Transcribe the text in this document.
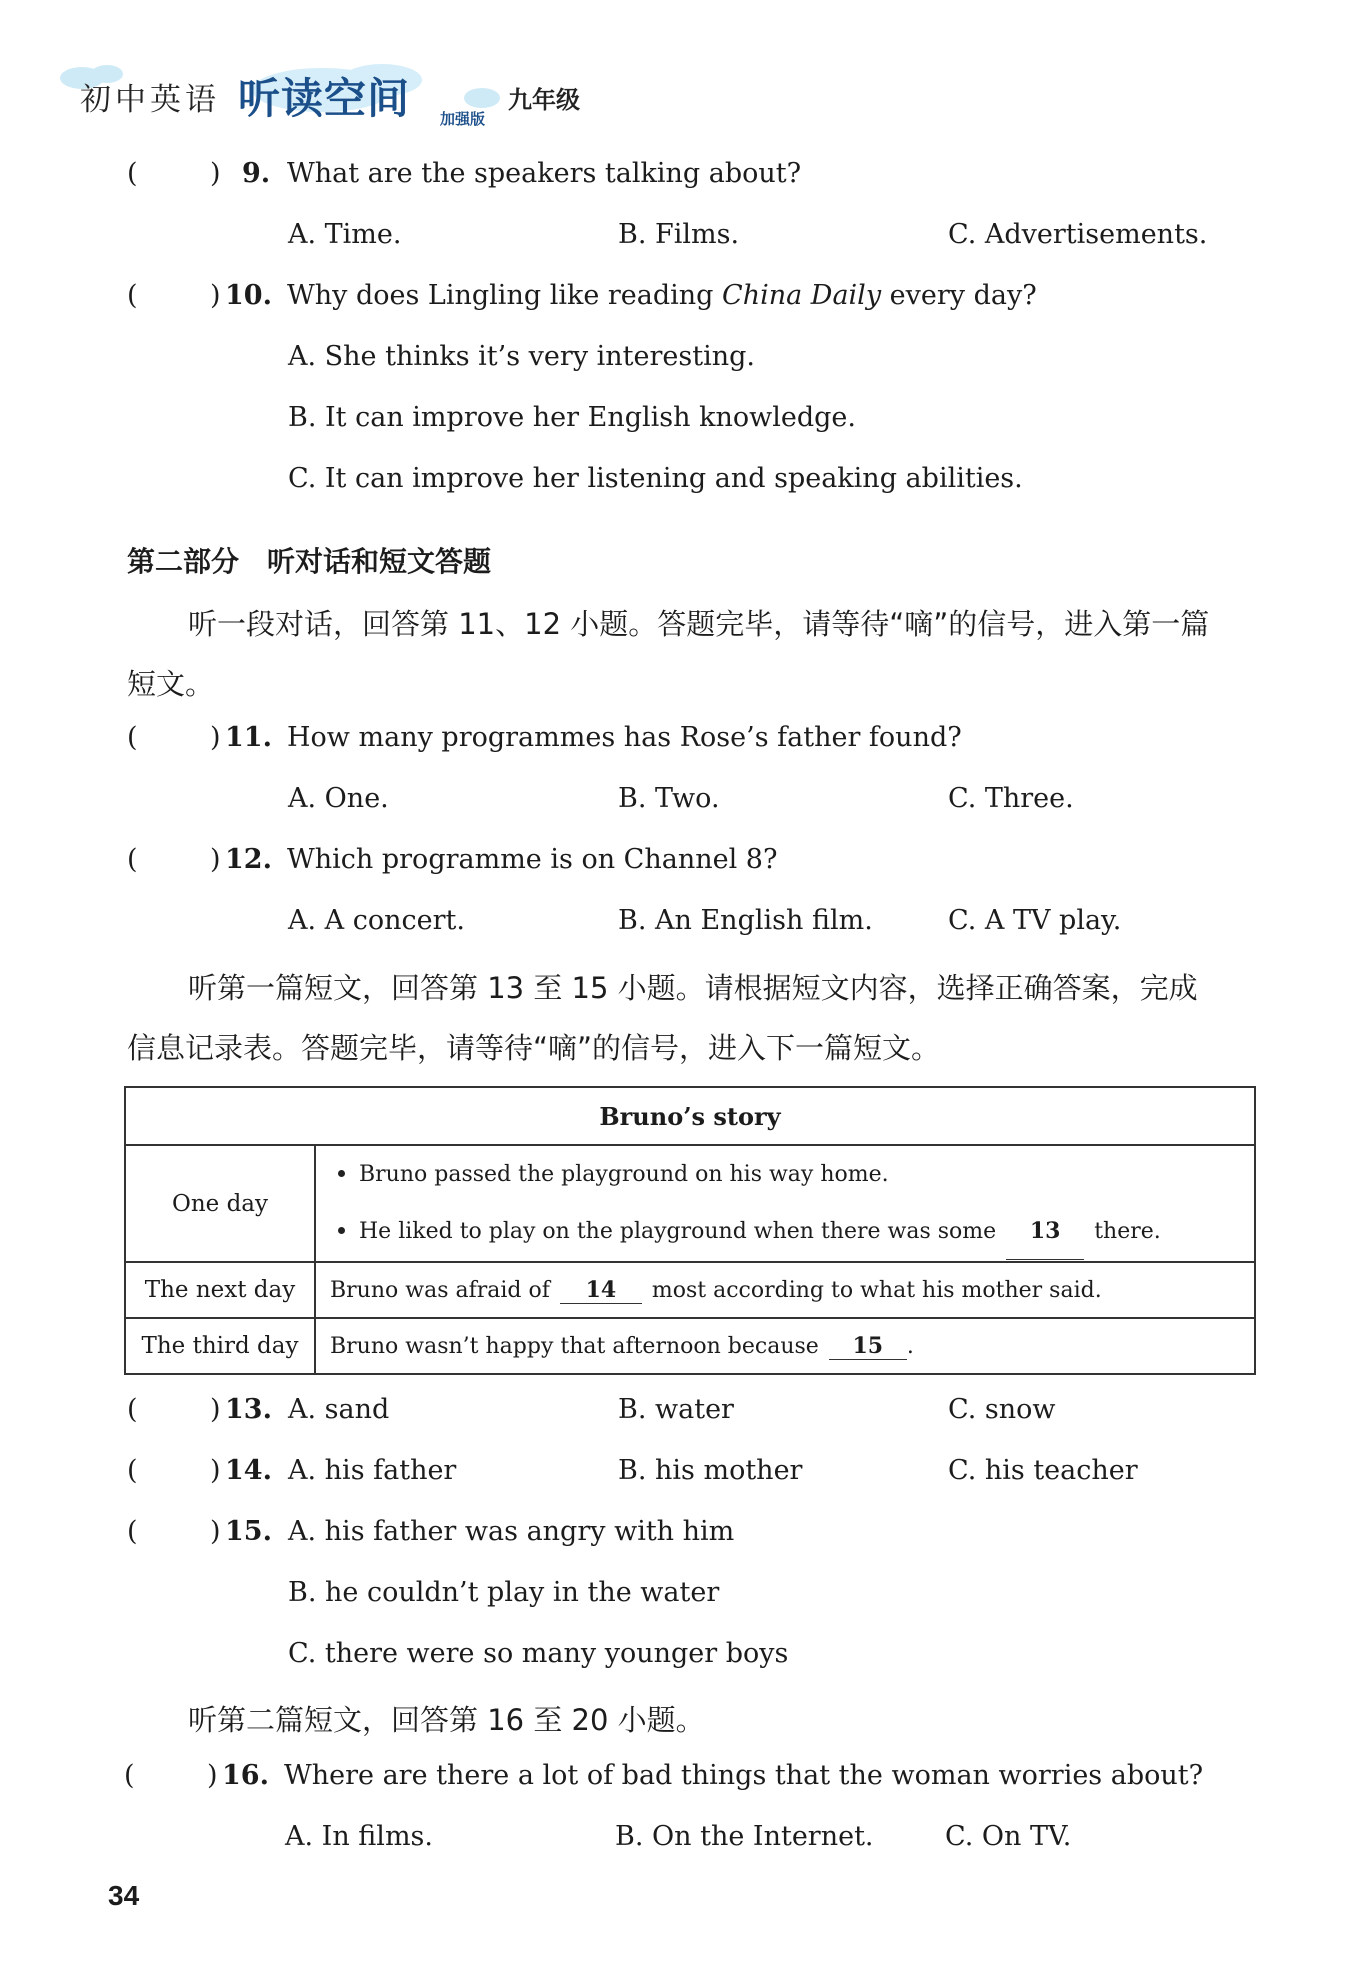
初中英语 听读空间 加强版
九年级
(	) 9. What are the speakers talking about?
A. Time.	B. Films.	C. Advertisements.
(	) 10. Why does Lingling like reading China Daily every day?
A. She thinks it’s very interesting.
B. It can improve her English knowledge.
C. It can improve her listening and speaking abilities.
第二部分　听对话和短文答题
听一段对话，回答第 11、12 小题。答题完毕，请等待“嘀”的信号，进入第一篇
短文。
(	) 11. How many programmes has Rose’s father found?
A. One.	B. Two.	C. Three.
(	) 12. Which programme is on Channel 8?
A. A concert.	B. An English film.	C. A TV play.
听第一篇短文，回答第 13 至 15 小题。请根据短文内容，选择正确答案，完成
信息记录表。答题完毕，请等待“嘀”的信号，进入下一篇短文。
Bruno’s story	
One day	Bruno passed the playground on his way home.
He liked to play on the playground when there was some 13 there.

The next day	Bruno was afraid of 14 most according to what his mother said.
The third day	Bruno wasn’t happy that afternoon because 15 .
(	) 13. A. sand	B. water	C. snow
(	) 14. A. his father	B. his mother	C. his teacher
(	) 15. A. his father was angry with him
B. he couldn’t play in the water
C. there were so many younger boys
听第二篇短文，回答第 16 至 20 小题。
(	) 16. Where are there a lot of bad things that the woman worries about?
A. In films.	B. On the Internet.	C. On TV.
34
